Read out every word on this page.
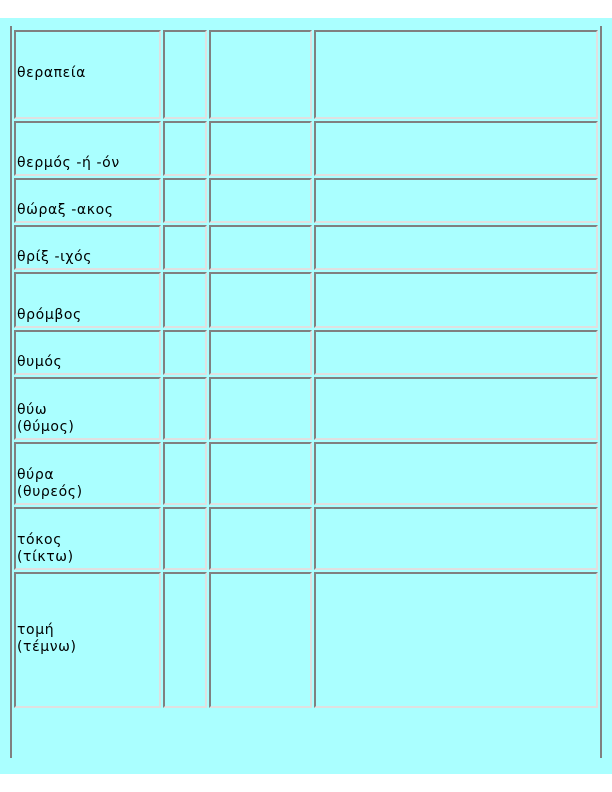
θεραπεία			

θερμός -ή -όν			

θώραξ -ακος			

θρίξ -ιχός			

θρόμβος			

θυμός			

θύω
(θύμος)			

θύρα
(θυρεός)			

τόκος
(τίκτω)			

τομή
(τέμνω)			
